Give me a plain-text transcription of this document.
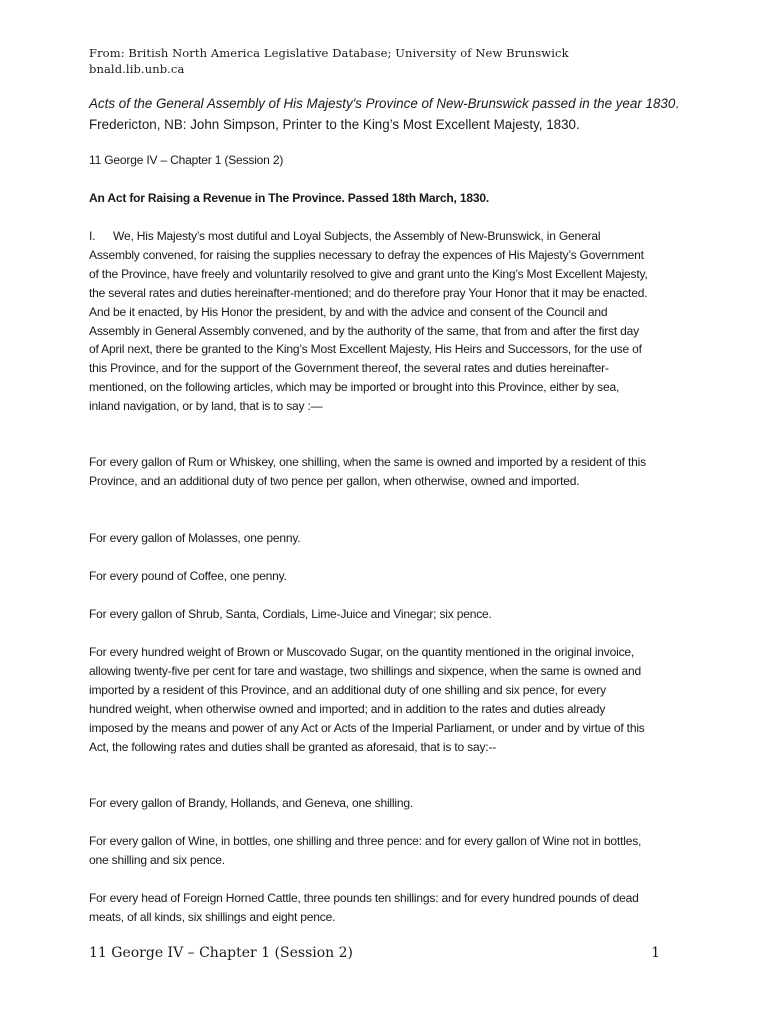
From: British North America Legislative Database; University of New Brunswick
bnald.lib.unb.ca
Acts of the General Assembly of His Majesty's Province of New-Brunswick passed in the year 1830. Fredericton, NB: John Simpson, Printer to the King’s Most Excellent Majesty, 1830.

11 George IV – Chapter 1 (Session 2)

An Act for Raising a Revenue in The Province. Passed 18th March, 1830.

I. We, His Majesty’s most dutiful and Loyal Subjects, the Assembly of New-Brunswick, in General Assembly convened, for raising the supplies necessary to defray the expences of His Majesty’s Government of the Province, have freely and voluntarily resolved to give and grant unto the King’s Most Excellent Majesty, the several rates and duties hereinafter-mentioned; and do therefore pray Your Honor that it may be enacted. And be it enacted, by His Honor the president, by and with the advice and consent of the Council and Assembly in General Assembly convened, and by the authority of the same, that from and after the first day of April next, there be granted to the King’s Most Excellent Majesty, His Heirs and Successors, for the use of this Province, and for the support of the Government thereof, the several rates and duties hereinafter-mentioned, on the following articles, which may be imported or brought into this Province, either by sea, inland navigation, or by land, that is to say :—

For every gallon of Rum or Whiskey, one shilling, when the same is owned and imported by a resident of this Province, and an additional duty of two pence per gallon, when otherwise, owned and imported.

For every gallon of Molasses, one penny.

For every pound of Coffee, one penny.

For every gallon of Shrub, Santa, Cordials, Lime-Juice and Vinegar; six pence.

For every hundred weight of Brown or Muscovado Sugar, on the quantity mentioned in the original invoice, allowing twenty-five per cent for tare and wastage, two shillings and sixpence, when the same is owned and imported by a resident of this Province, and an additional duty of one shilling and six pence, for every hundred weight, when otherwise owned and imported; and in addition to the rates and duties already imposed by the means and power of any Act or Acts of the Imperial Parliament, or under and by virtue of this Act, the following rates and duties shall be granted as aforesaid, that is to say:--

For every gallon of Brandy, Hollands, and Geneva, one shilling.

For every gallon of Wine, in bottles, one shilling and three pence: and for every gallon of Wine not in bottles, one shilling and six pence.

For every head of Foreign Horned Cattle, three pounds ten shillings: and for every hundred pounds of dead meats, of all kinds, six shillings and eight pence.

11 George IV – Chapter 1 (Session 2)	1
